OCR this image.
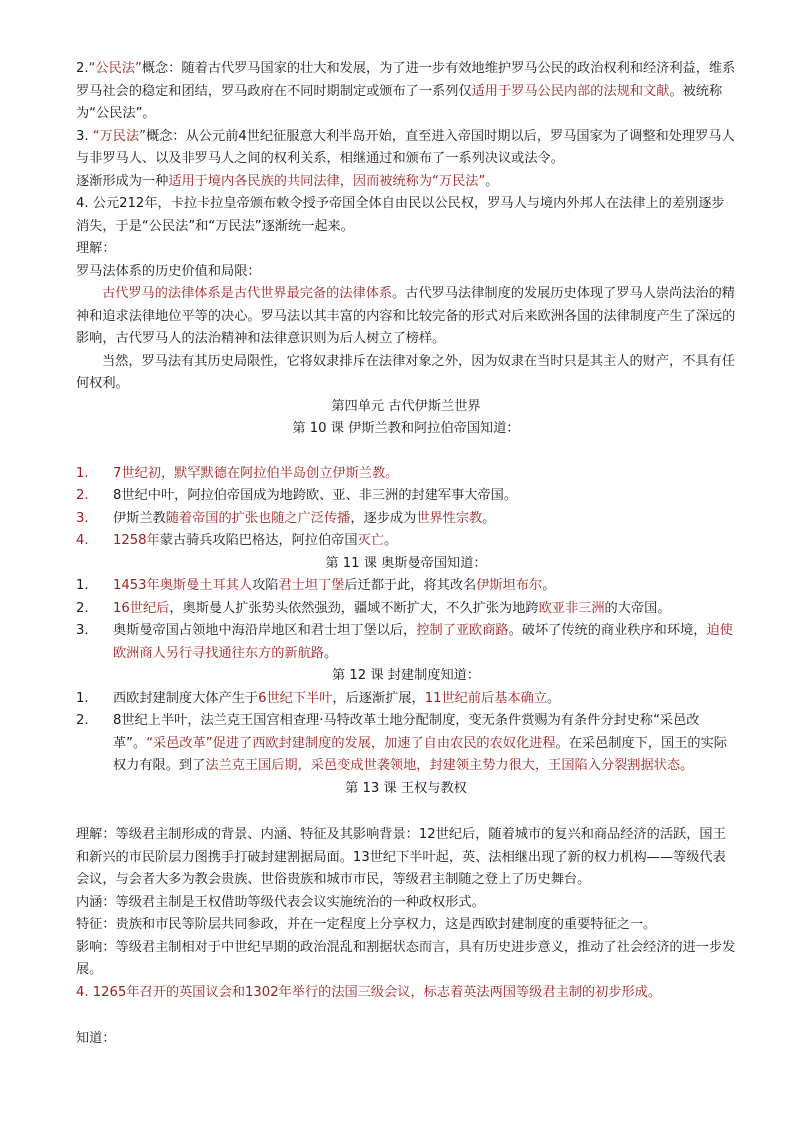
2.“公民法”概念：随着古代罗马国家的壮大和发展，为了进一步有效地维护罗马公民的政治权利和经济利益，维系罗马社会的稳定和团结，罗马政府在不同时期制定或颁布了一系列仅适用于罗马公民内部的法规和文献。被统称为“公民法”。

3. “万民法”概念：从公元前4世纪征服意大利半岛开始，直至进入帝国时期以后，罗马国家为了调整和处理罗马人与非罗马人、以及非罗马人之间的权利关系，相继通过和颁布了一系列决议或法令。

逐渐形成为一种适用于境内各民族的共同法律，因而被统称为“万民法”。

4. 公元212年，卡拉卡拉皇帝颁布敕令授予帝国全体自由民以公民权，罗马人与境内外邦人在法律上的差别逐步消失，于是“公民法”和“万民法”逐渐统一起来。

理解：

罗马法体系的历史价值和局限：

古代罗马的法律体系是古代世界最完备的法律体系。古代罗马法律制度的发展历史体现了罗马人崇尚法治的精神和追求法律地位平等的决心。罗马法以其丰富的内容和比较完备的形式对后来欧洲各国的法律制度产生了深远的影响，古代罗马人的法治精神和法律意识则为后人树立了榜样。

当然，罗马法有其历史局限性，它将奴隶排斥在法律对象之外，因为奴隶在当时只是其主人的财产，不具有任何权利。

第四单元 古代伊斯兰世界

第 10 课 伊斯兰教和阿拉伯帝国知道：

1.	7世纪初，默罕默德在阿拉伯半岛创立伊斯兰教。
2.	8世纪中叶，阿拉伯帝国成为地跨欧、亚、非三洲的封建军事大帝国。
3.	伊斯兰教随着帝国的扩张也随之广泛传播，逐步成为世界性宗教。
4.	1258年蒙古骑兵攻陷巴格达，阿拉伯帝国灭亡。

第 11 课 奥斯曼帝国知道：

1.	1453年奥斯曼土耳其人攻陷君士坦丁堡后迁都于此，将其改名伊斯坦布尔。
2.	16世纪后，奥斯曼人扩张势头依然强劲，疆域不断扩大，不久扩张为地跨欧亚非三洲的大帝国。
3.	奥斯曼帝国占领地中海沿岸地区和君士坦丁堡以后，控制了亚欧商路。破坏了传统的商业秩序和环境，迫使欧洲商人另行寻找通往东方的新航路。

第 12 课 封建制度知道：

1.	西欧封建制度大体产生于6世纪下半叶，后逐渐扩展，11世纪前后基本确立。
2.	8世纪上半叶，法兰克王国宫相查理·马特改革土地分配制度，变无条件赏赐为有条件分封史称“采邑改革”。“采邑改革”促进了西欧封建制度的发展，加速了自由农民的农奴化进程。在采邑制度下，国王的实际权力有限。到了法兰克王国后期，采邑变成世袭领地，封建领主势力很大，王国陷入分裂割据状态。

第 13 课 王权与教权

理解：等级君主制形成的背景、内涵、特征及其影响背景：12世纪后，随着城市的复兴和商品经济的活跃，国王和新兴的市民阶层力图携手打破封建割据局面。13世纪下半叶起，英、法相继出现了新的权力机构——等级代表会议，与会者大多为教会贵族、世俗贵族和城市市民，等级君主制随之登上了历史舞台。

内涵：等级君主制是王权借助等级代表会议实施统治的一种政权形式。

特征：贵族和市民等阶层共同参政，并在一定程度上分享权力，这是西欧封建制度的重要特征之一。

影响：等级君主制相对于中世纪早期的政治混乱和割据状态而言，具有历史进步意义，推动了社会经济的进一步发展。

4. 1265年召开的英国议会和1302年举行的法国三级会议，标志着英法两国等级君主制的初步形成。

知道：
